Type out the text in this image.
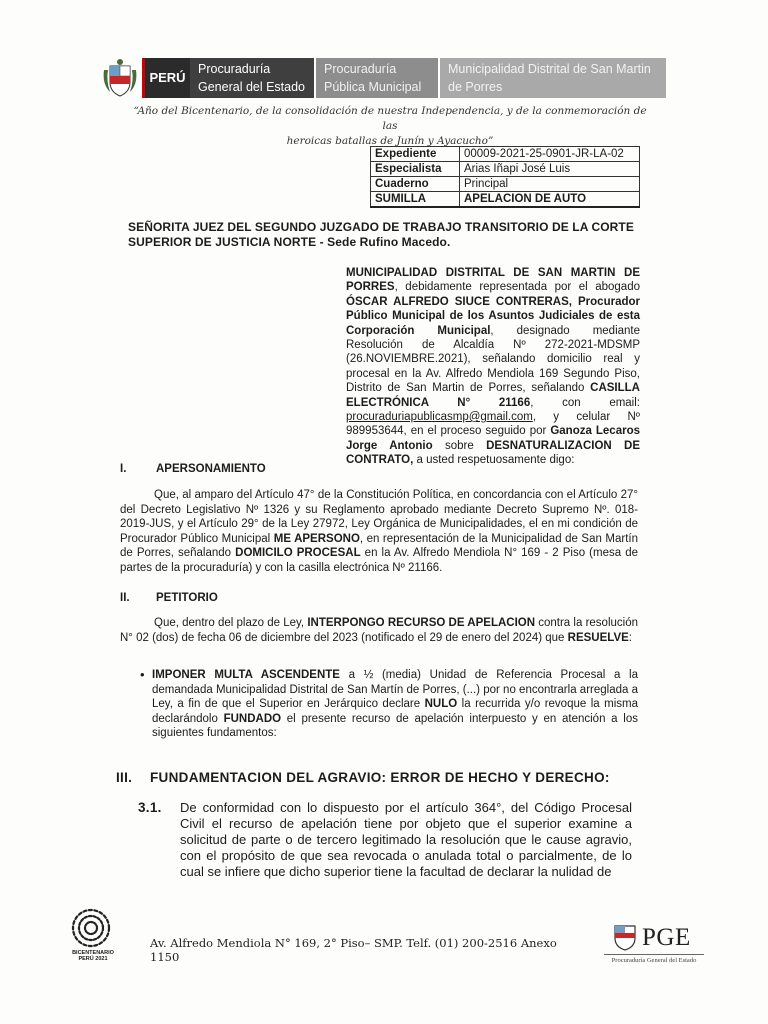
PERÚ
Procuraduría
General del Estado
Procuraduría
Pública Municipal
Municipalidad Distrital de San Martin
de Porres
“Año del Bicentenario, de la consolidación de nuestra Independencia, y de la conmemoración de las
heroicas batallas de Junín y Ayacucho”
Expediente	00009-2021-25-0901-JR-LA-02
Especialista	Arias Iñapi José Luis
Cuaderno	Principal
SUMILLA	APELACION DE AUTO
SEÑORITA JUEZ DEL SEGUNDO JUZGADO DE TRABAJO TRANSITORIO DE LA CORTE
SUPERIOR DE JUSTICIA NORTE - Sede Rufino Macedo.
MUNICIPALIDAD DISTRITAL DE SAN MARTIN DE PORRES, debidamente representada por el abogado ÓSCAR ALFREDO SIUCE CONTRERAS, Procurador Público Municipal de los Asuntos Judiciales de esta Corporación Municipal, designado mediante Resolución de Alcaldía Nº 272-2021-MDSMP (26.NOVIEMBRE.2021), señalando domicilio real y procesal en la Av. Alfredo Mendiola 169 Segundo Piso, Distrito de San Martin de Porres, señalando CASILLA ELECTRÓNICA N° 21166, con email: procuraduriapublicasmp@gmail.com, y celular Nº 989953644, en el proceso seguido por Ganoza Lecaros Jorge Antonio sobre DESNATURALIZACION DE CONTRATO, a usted respetuosamente digo:
I.	APERSONAMIENTO
Que, al amparo del Artículo 47° de la Constitución Política, en concordancia con el Artículo 27° del Decreto Legislativo Nº 1326 y su Reglamento aprobado mediante Decreto Supremo Nº. 018-2019-JUS, y el Artículo 29° de la Ley 27972, Ley Orgánica de Municipalidades, el en mi condición de Procurador Público Municipal ME APERSONO, en representación de la Municipalidad de San Martín de Porres, señalando DOMICILO PROCESAL en la Av. Alfredo Mendiola N° 169 - 2 Piso (mesa de partes de la procuraduría) y con la casilla electrónica Nº 21166.
II. PETITORIO
Que, dentro del plazo de Ley, INTERPONGO RECURSO DE APELACION contra la resolución N° 02 (dos) de fecha 06 de diciembre del 2023 (notificado el 29 de enero del 2024) que RESUELVE:
• IMPONER MULTA ASCENDENTE a ½ (media) Unidad de Referencia Procesal a la demandada Municipalidad Distrital de San Martín de Porres, (...) por no encontrarla arreglada a Ley, a fin de que el Superior en Jerárquico declare NULO la recurrida y/o revoque la misma declarándolo FUNDADO el presente recurso de apelación interpuesto y en atención a los siguientes fundamentos:
III. FUNDAMENTACION DEL AGRAVIO: ERROR DE HECHO Y DERECHO:
3.1. De conformidad con lo dispuesto por el artículo 364°, del Código Procesal Civil el recurso de apelación tiene por objeto que el superior examine a solicitud de parte o de tercero legitimado la resolución que le cause agravio, con el propósito de que sea revocada o anulada total o parcialmente, de lo cual se infiere que dicho superior tiene la facultad de declarar la nulidad de
BICENTENARIO
PERÚ 2021
Av. Alfredo Mendiola N° 169, 2° Piso– SMP. Telf. (01) 200-2516 Anexo 1150
PGE
Procuraduría General del Estado
